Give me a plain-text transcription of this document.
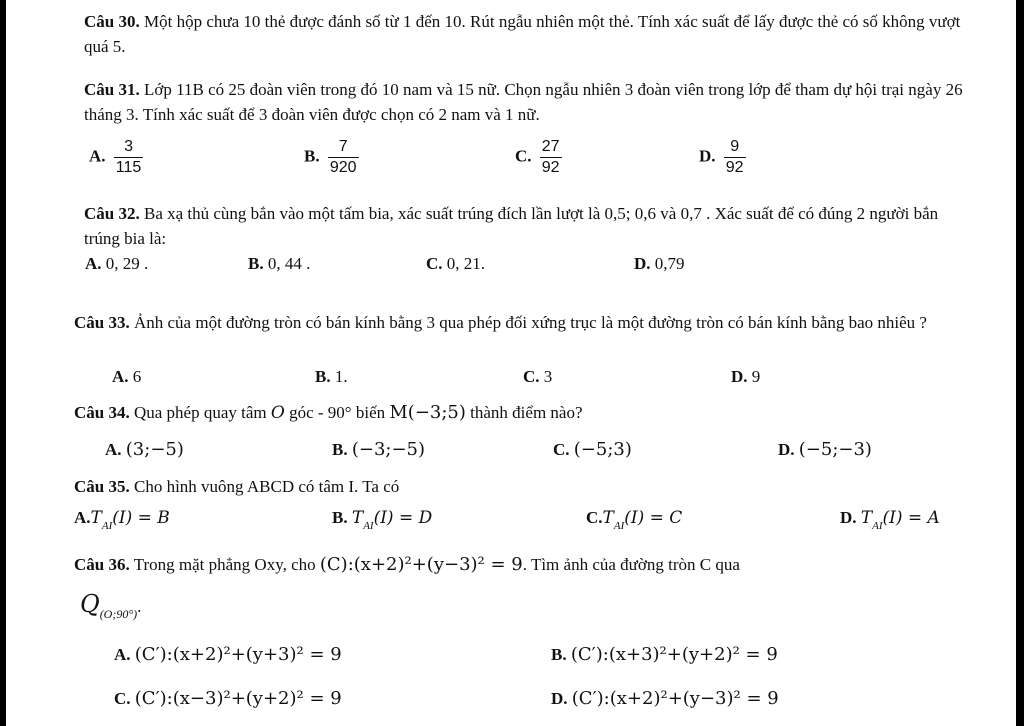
Câu 30. Một hộp chưa 10 thẻ được đánh số từ 1 đến 10. Rút ngẫu nhiên một thẻ. Tính xác suất để lấy được thẻ có số không vượt quá 5.
Câu 31. Lớp 11B có 25 đoàn viên trong đó 10 nam và 15 nữ. Chọn ngẫu nhiên 3 đoàn viên trong lớp để tham dự hội trại ngày 26 tháng 3. Tính xác suất để 3 đoàn viên được chọn có 2 nam và 1 nữ.
A. $\frac{3}{115}$	B. $\frac{7}{920}$	C. $\frac{27}{92}$	D. $\frac{9}{92}$
Câu 32. Ba xạ thủ cùng bắn vào một tấm bia, xác suất trúng đích lần lượt là 0,5; 0,6 và 0,7 . Xác suất để có đúng 2 người bắn trúng bia là:
A. 0, 29 .	B. 0, 44 .	C. 0, 21.	D. 0,79
Câu 33. Ảnh của một đường tròn có bán kính bằng 3 qua phép đối xứng trục là một đường tròn có bán kính bằng bao nhiêu ?
A. 6	B. 1.	C. 3	D. 9
Câu 34. Qua phép quay tâm O góc - 90° biến M(−3;5) thành điểm nào?
A. (3;−5)	B. (−3;−5)	C. (−5;3)	D. (−5;−3)
Câu 35. Cho hình vuông ABCD có tâm I. Ta có
$A.T_{AI}(I) = B$	B. $T_{AI}(I) = D$	$C.T_{AI}(I) = C$	D. $T_{AI}(I) = A$
Câu 36. Trong mặt phẳng Oxy, cho (C):(x+2)²+(y−3)² = 9. Tìm ảnh của đường tròn C qua
$Q_{(O;90^\circ)}$.
A. (C′):(x+2)²+(y+3)² = 9	B. (C′):(x+3)²+(y+2)² = 9
C. (C′):(x−3)²+(y+2)² = 9	D. (C′):(x+2)²+(y−3)² = 9
